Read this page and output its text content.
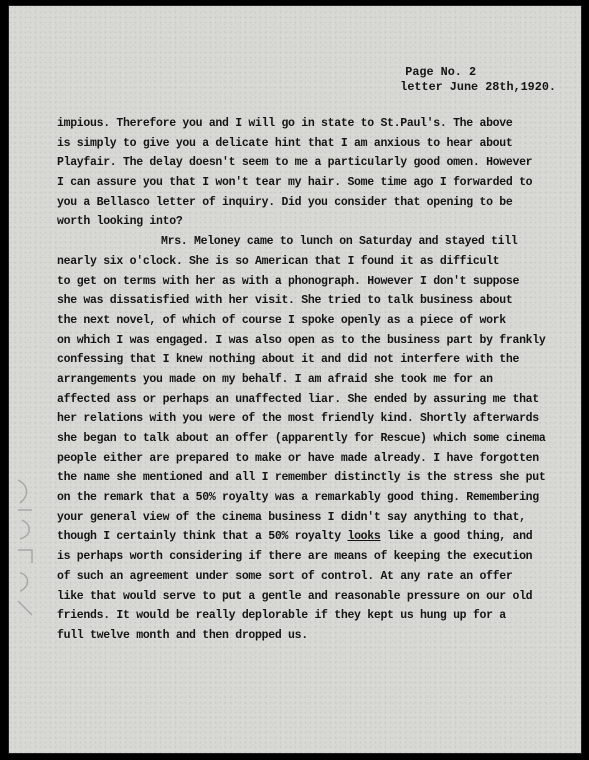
Page No. 2
letter June 28th,1920.
impious. Therefore you and I will go in state to St.Paul's. The above
is simply to give you a delicate hint that I am anxious to hear about
Playfair. The delay doesn't seem to me a particularly good omen. However
I can assure you that I won't tear my hair. Some time ago I forwarded to
you a Bellasco letter of inquiry. Did you consider that opening to be
worth looking into?
Mrs. Meloney came to lunch on Saturday and stayed till
nearly six o'clock. She is so American that I found it as difficult
to get on terms with her as with a phonograph. However I don't suppose
she was dissatisfied with her visit. She tried to talk business about
the next novel, of which of course I spoke openly as a piece of work
on which I was engaged. I was also open as to the business part by frankly
confessing that I knew nothing about it and did not interfere with the
arrangements you made on my behalf. I am afraid she took me for an
affected ass or perhaps an unaffected liar. She ended by assuring me that
her relations with you were of the most friendly kind. Shortly afterwards
she began to talk about an offer (apparently for Rescue) which some cinema
people either are prepared to make or have made already. I have forgotten
the name she mentioned and all I remember distinctly is the stress she put
on the remark that a 50% royalty was a remarkably good thing. Remembering
your general view of the cinema business I didn't say anything to that,
though I certainly think that a 50% royalty looks like a good thing, and
is perhaps worth considering if there are means of keeping the execution
of such an agreement under some sort of control. At any rate an offer
like that would serve to put a gentle and reasonable pressure on our old
friends. It would be really deplorable if they kept us hung up for a
full twelve month and then dropped us.
